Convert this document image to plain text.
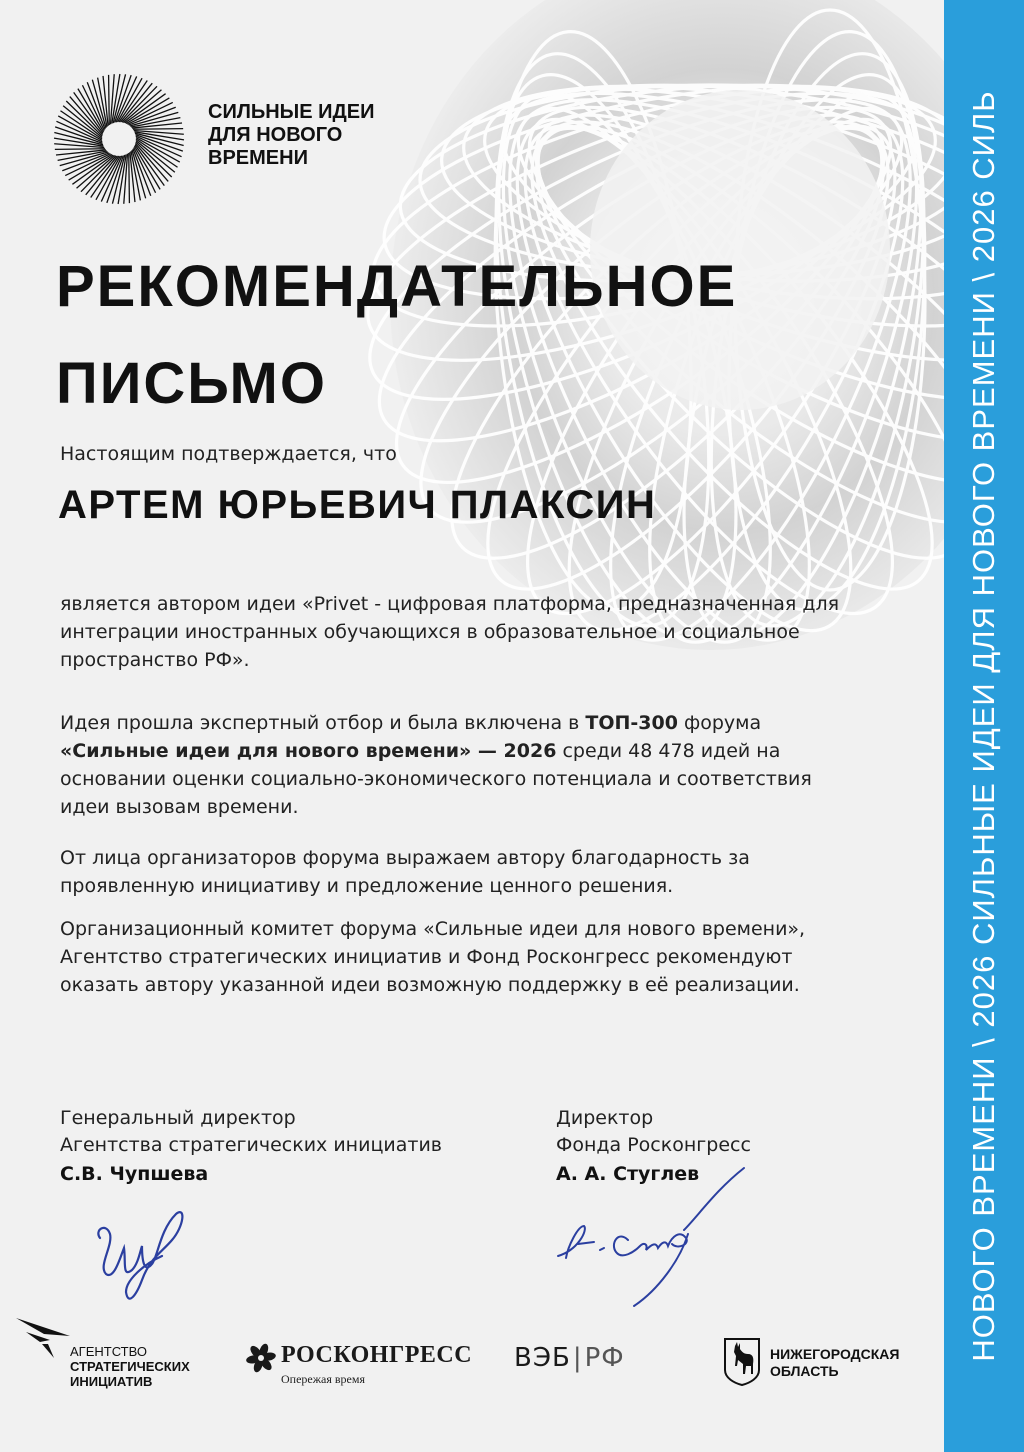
НОВОГО ВРЕМЕНИ \ 2026 СИЛЬНЫЕ ИДЕИ ДЛЯ НОВОГО ВРЕМЕНИ \ 2026 СИЛЬ
СИЛЬНЫЕ ИДЕИ
ДЛЯ НОВОГО
ВРЕМЕНИ
РЕКОМЕНДАТЕЛЬНОЕ
ПИСЬМО
Настоящим подтверждается, что
АРТЕМ ЮРЬЕВИЧ ПЛАКСИН
является автором идеи «Privet - цифровая платформа, предназначенная для интеграции иностранных обучающихся в образовательное и социальное пространство РФ».
Идея прошла экспертный отбор и была включена в ТОП-300 форума «Сильные идеи для нового времени» — 2026 среди 48 478 идей на основании оценки социально-экономического потенциала и соответствия идеи вызовам времени.
От лица организаторов форума выражаем автору благодарность за проявленную инициативу и предложение ценного решения.
Организационный комитет форума «Сильные идеи для нового времени», Агентство стратегических инициатив и Фонд Росконгресс рекомендуют оказать автору указанной идеи возможную поддержку в её реализации.
Генеральный директор
Агентства стратегических инициатив
С.В. Чупшева
Директор
Фонда Росконгресс
А. А. Стуглев
АГЕНТСТВО
СТРАТЕГИЧЕСКИХ
ИНИЦИАТИВ
РОСКОНГРЕСС
Опережая время
ВЭБ|РФ	НИЖЕГОРОДСКАЯ
ОБЛАСТЬ
